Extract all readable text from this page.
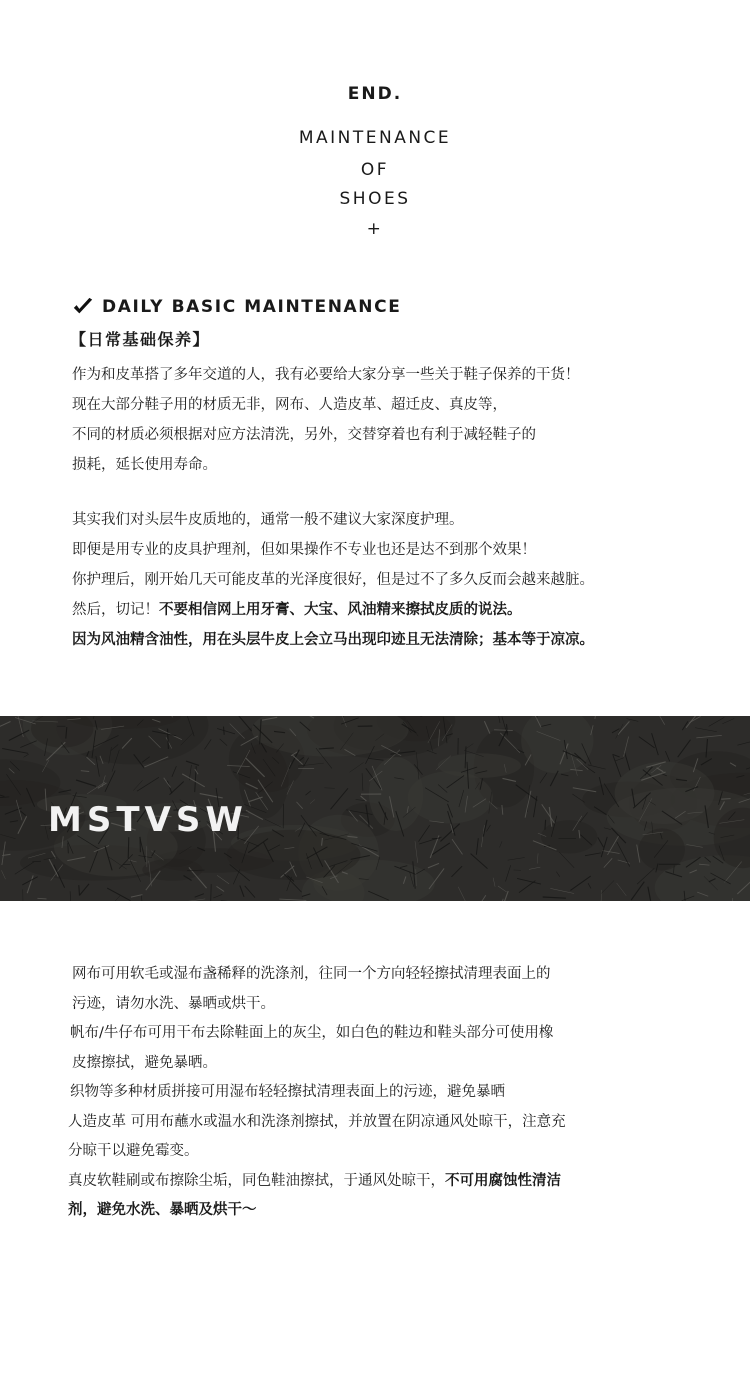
END.
MAINTENANCE
OF
SHOES
+
DAILY BASIC MAINTENANCE
【日常基础保养】

作为和皮革搭了多年交道的人，我有必要给大家分享一些关于鞋子保养的干货！

现在大部分鞋子用的材质无非，网布、人造皮革、超迁皮、真皮等，

不同的材质必须根据对应方法清洗，另外，交替穿着也有利于减轻鞋子的

损耗，延长使用寿命。

其实我们对头层牛皮质地的，通常一般不建议大家深度护理。

即便是用专业的皮具护理剂，但如果操作不专业也还是达不到那个效果！

你护理后，刚开始几天可能皮革的光泽度很好，但是过不了多久反而会越来越脏。

然后，切记！不要相信网上用牙膏、大宝、风油精来擦拭皮质的说法。

因为风油精含油性，用在头层牛皮上会立马出现印迹且无法清除；基本等于凉凉。

MSTVSW

网布可用软毛或湿布盏稀释的洗涤剂，往同一个方向轻轻擦拭清理表面上的

污迹，请勿水洗、暴晒或烘干。

帆布/牛仔布可用干布去除鞋面上的灰尘，如白色的鞋边和鞋头部分可使用橡

皮擦擦拭，避免暴晒。

织物等多种材质拼接可用湿布轻轻擦拭清理表面上的污迹，避免暴晒

人造皮革 可用布蘸水或温水和洗涤剂擦拭，并放置在阴凉通风处晾干，注意充

分晾干以避免霉变。

真皮软鞋刷或布擦除尘垢，同色鞋油擦拭，于通风处晾干，不可用腐蚀性清洁

剂，避免水洗、暴晒及烘干～
